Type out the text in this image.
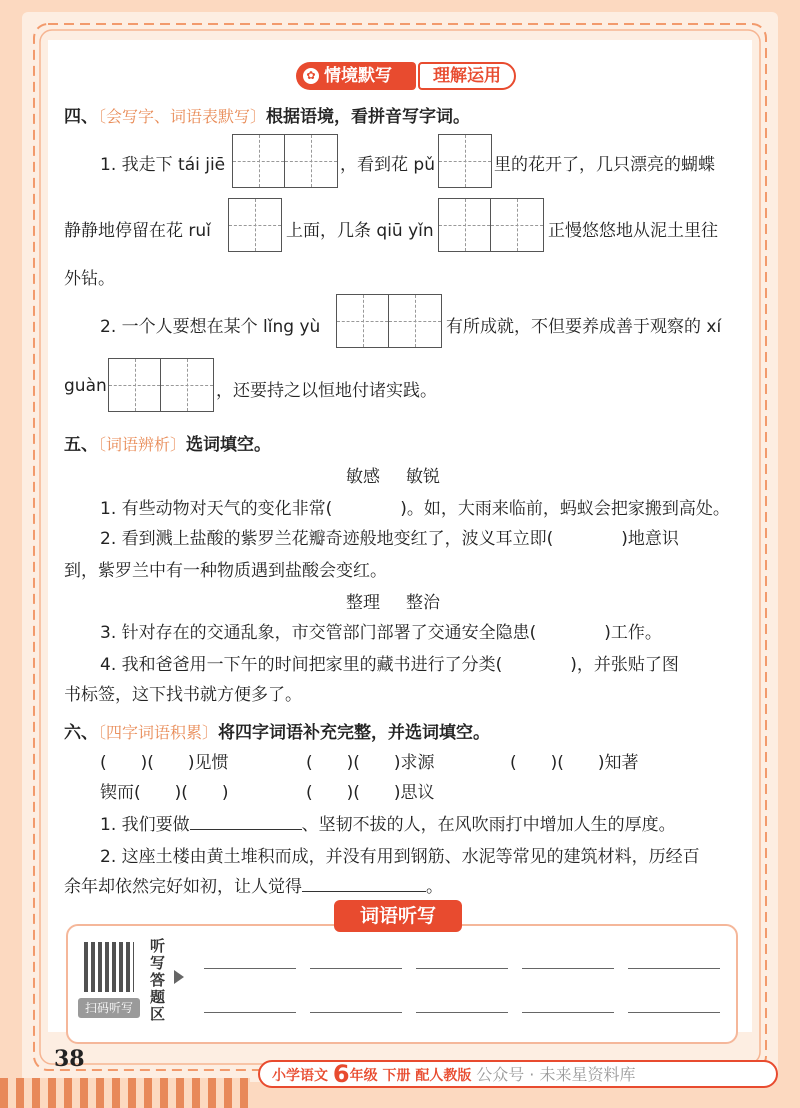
✿ 情境默写	理解运用
四、〔会写字、词语表默写〕根据语境，看拼音写字词。
1. 我走下 tái jiē	，看到花 pǔ	里的花开了，几只漂亮的蝴蝶
静静地停留在花 ruǐ	上面，几条 qiū yǐn	正慢悠悠地从泥土里往
外钻。
2. 一个人要想在某个 lǐng yù	有所成就，不但要养成善于观察的 xí
guàn	，还要持之以恒地付诸实践。
五、〔词语辨析〕选词填空。
敏感 敏锐
1. 有些动物对天气的变化非常(　　　　)。如，大雨来临前，蚂蚁会把家搬到高处。
2. 看到溅上盐酸的紫罗兰花瓣奇迹般地变红了，波义耳立即(　　　　)地意识
到，紫罗兰中有一种物质遇到盐酸会变红。
整理 整治
3. 针对存在的交通乱象，市交管部门部署了交通安全隐患(　　　　)工作。
4. 我和爸爸用一下午的时间把家里的藏书进行了分类(　　　　)，并张贴了图
书标签，这下找书就方便多了。
六、〔四字词语积累〕将四字词语补充完整，并选词填空。
(　　)(　　)见惯	(　　)(　　)求源	(　　)(　　)知著
锲而(　　)(　　)	(　　)(　　)思议
1. 我们要做	、坚韧不拔的人，在风吹雨打中增加人生的厚度。
2. 这座土楼由黄土堆积而成，并没有用到钢筋、水泥等常见的建筑材料，历经百
余年却依然完好如初，让人觉得	。
词语听写
扫码听写
听写答题区
38
小学语文 6年级 下册 配人教版 公众号 · 未来星资料库
